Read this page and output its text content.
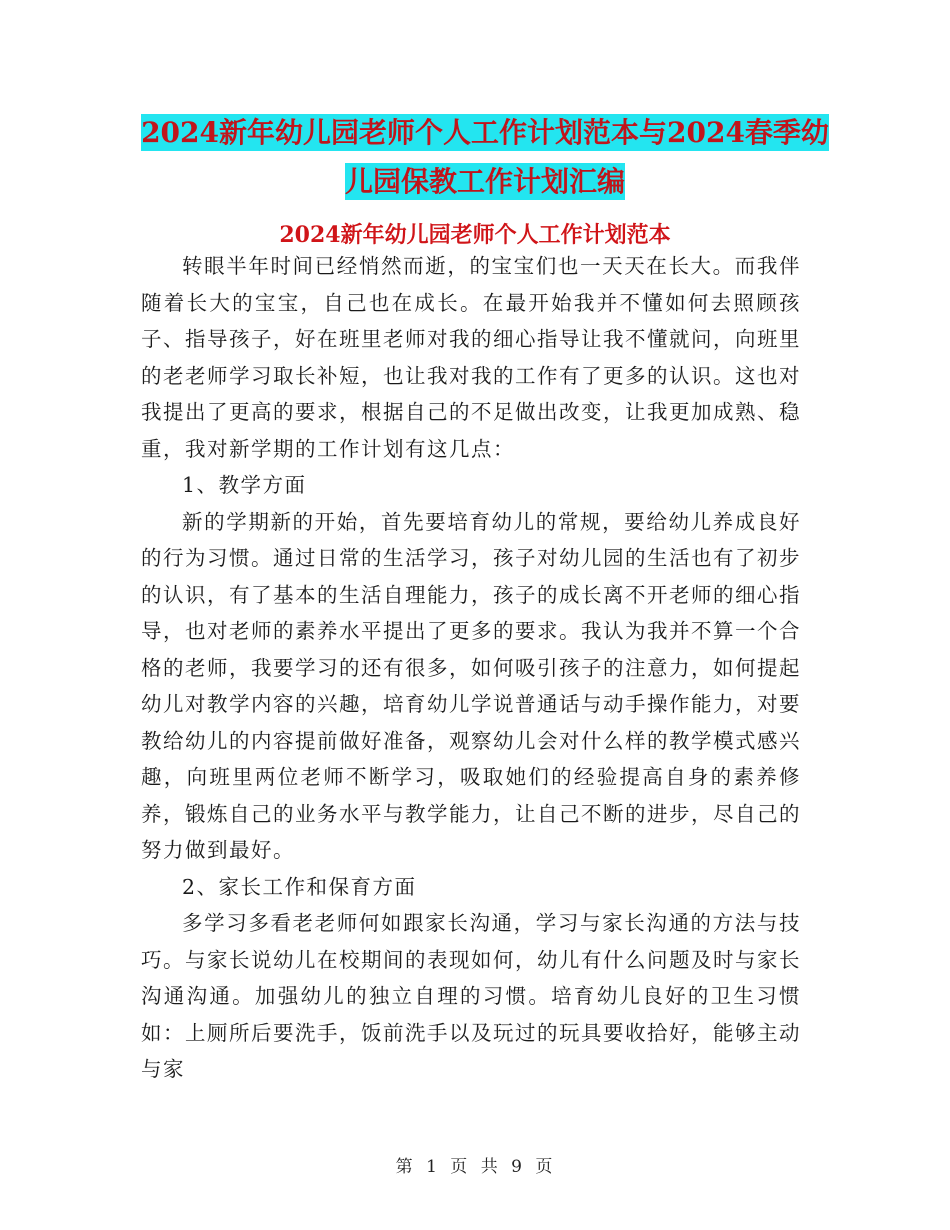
2024新年幼儿园老师个人工作计划范本与2024春季幼
儿园保教工作计划汇编
2024新年幼儿园老师个人工作计划范本

转眼半年时间已经悄然而逝，的宝宝们也一天天在长大。而我伴随着长大的宝宝，自己也在成长。在最开始我并不懂如何去照顾孩子、指导孩子，好在班里老师对我的细心指导让我不懂就问，向班里的老老师学习取长补短，也让我对我的工作有了更多的认识。这也对我提出了更高的要求，根据自己的不足做出改变，让我更加成熟、稳重，我对新学期的工作计划有这几点：

1、教学方面

新的学期新的开始，首先要培育幼儿的常规，要给幼儿养成良好的行为习惯。通过日常的生活学习，孩子对幼儿园的生活也有了初步的认识，有了基本的生活自理能力，孩子的成长离不开老师的细心指导，也对老师的素养水平提出了更多的要求。我认为我并不算一个合格的老师，我要学习的还有很多，如何吸引孩子的注意力，如何提起幼儿对教学内容的兴趣，培育幼儿学说普通话与动手操作能力，对要教给幼儿的内容提前做好准备，观察幼儿会对什么样的教学模式感兴趣，向班里两位老师不断学习，吸取她们的经验提高自身的素养修养，锻炼自己的业务水平与教学能力，让自己不断的进步，尽自己的努力做到最好。

2、家长工作和保育方面

多学习多看老老师何如跟家长沟通，学习与家长沟通的方法与技巧。与家长说幼儿在校期间的表现如何，幼儿有什么问题及时与家长沟通沟通。加强幼儿的独立自理的习惯。培育幼儿良好的卫生习惯如：上厕所后要洗手，饭前洗手以及玩过的玩具要收拾好，能够主动与家

第 1 页 共 9 页
